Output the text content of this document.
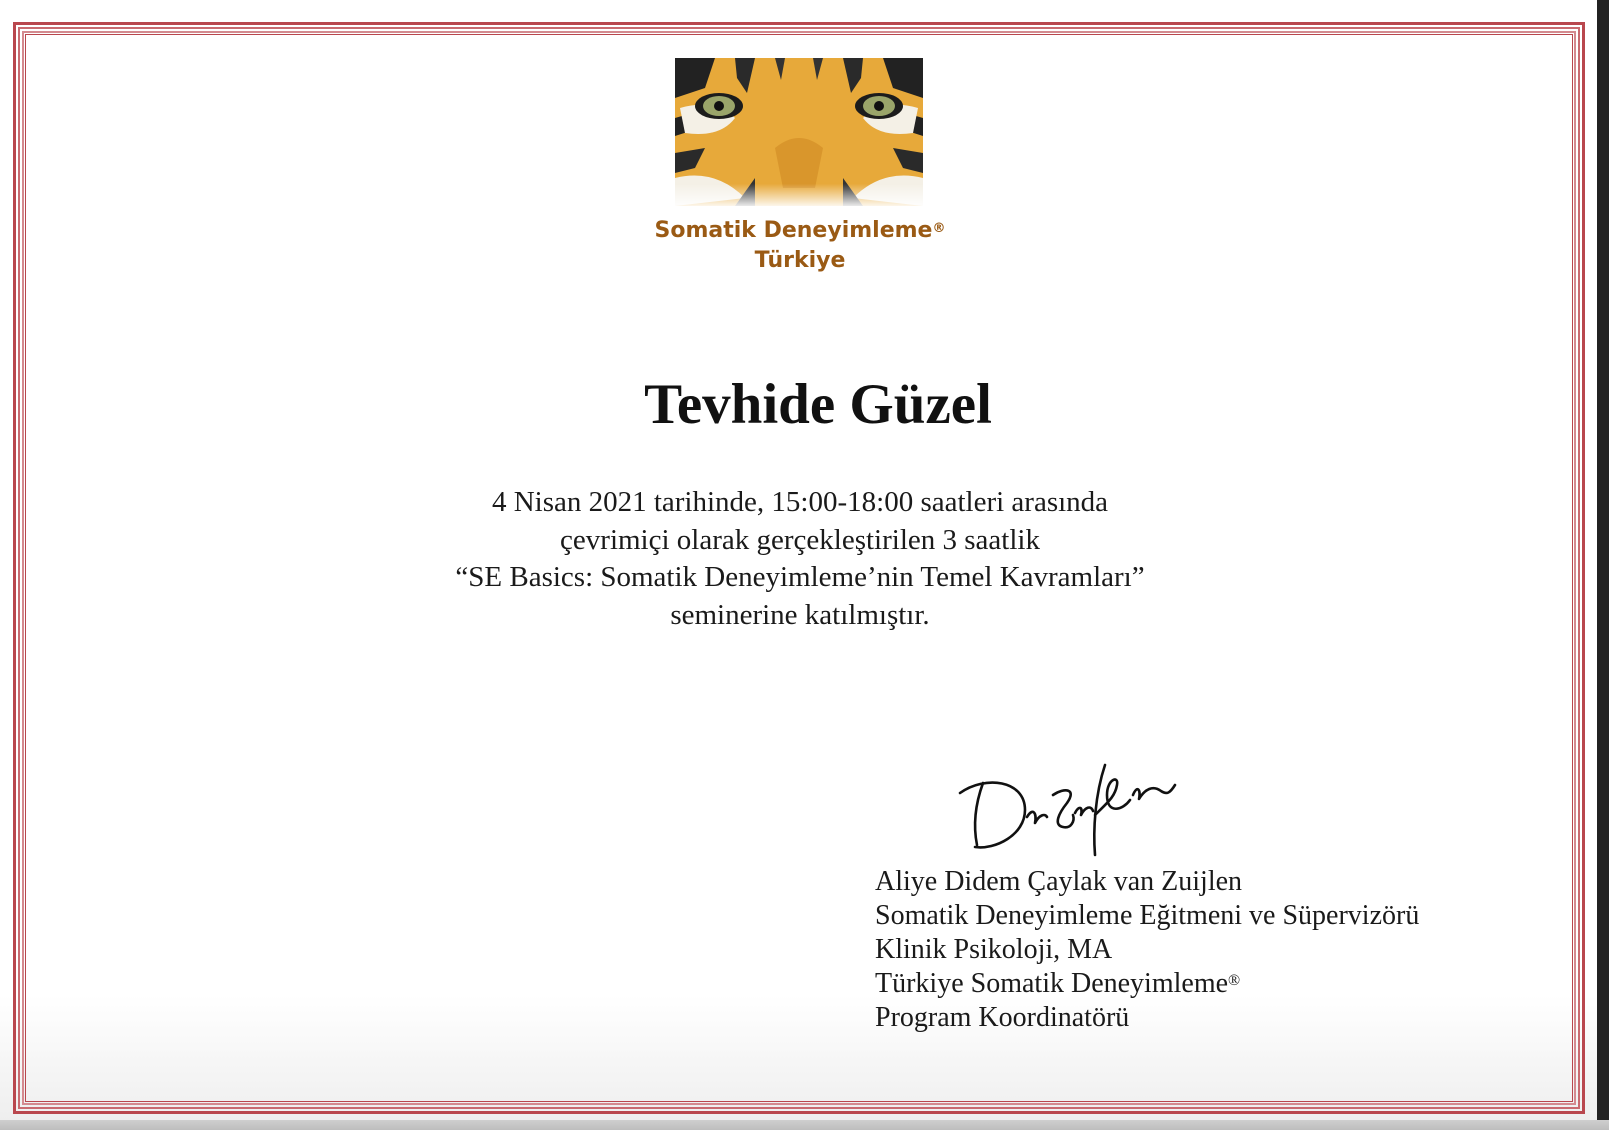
Somatik Deneyimleme®
Türkiye
Tevhide Güzel
4 Nisan 2021 tarihinde, 15:00-18:00 saatleri arasında
çevrimiçi olarak gerçekleştirilen 3 saatlik
“SE Basics: Somatik Deneyimleme’nin Temel Kavramları”
seminerine katılmıştır.
Aliye Didem Çaylak van Zuijlen
Somatik Deneyimleme Eğitmeni ve Süpervizörü
Klinik Psikoloji, MA
Türkiye Somatik Deneyimleme®
Program Koordinatörü
